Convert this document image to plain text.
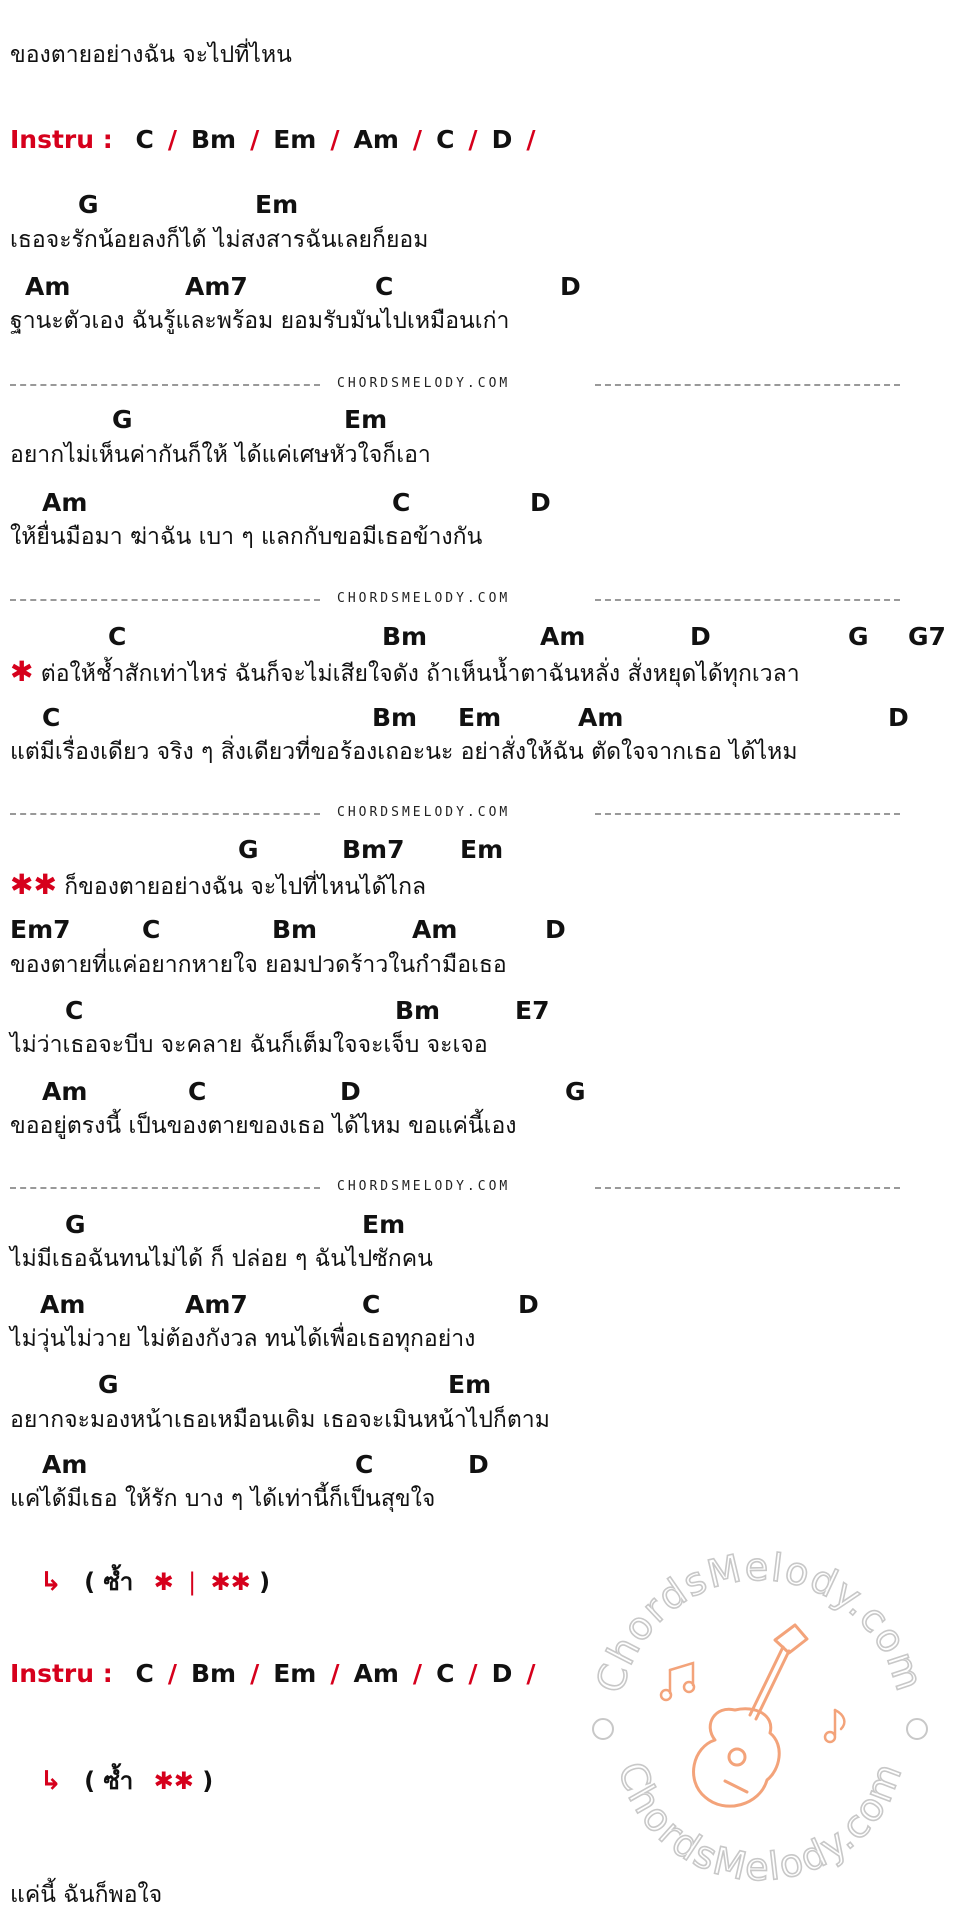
ของตายอย่างฉัน จะไปที่ไหน
Instru : C / Bm / Em / Am / C / D /
G	Em
เธอจะรักน้อยลงก็ได้ ไม่สงสารฉันเลยก็ยอม
Am	Am7	C	D
ฐานะตัวเอง ฉันรู้และพร้อม ยอมรับมันไปเหมือนเก่า
CHORDSMELODY.COM
G	Em
อยากไม่เห็นค่ากันก็ให้ ได้แค่เศษหัวใจก็เอา
Am	C	D
ให้ยื่นมือมา ฆ่าฉัน เบา ๆ แลกกับขอมีเธอข้างกัน
CHORDSMELODY.COM
C	Bm	Am	D	G G7
✱ ต่อให้ช้ำสักเท่าไหร่ ฉันก็จะไม่เสียใจดัง ถ้าเห็นน้ำตาฉันหลั่ง สั่งหยุดได้ทุกเวลา
C	Bm Em	Am	D
แต่มีเรื่องเดียว จริง ๆ สิ่งเดียวที่ขอร้องเถอะนะ อย่าสั่งให้ฉัน ตัดใจจากเธอ ได้ไหม
CHORDSMELODY.COM
G	Bm7 Em
✱✱ ก็ของตายอย่างฉัน จะไปที่ไหนได้ไกล
Em7	C	Bm	Am	D
ของตายที่แค่อยากหายใจ ยอมปวดร้าวในกำมือเธอ
C	Bm	E7
ไม่ว่าเธอจะบีบ จะคลาย ฉันก็เต็มใจจะเจ็บ จะเจอ
Am	C	D	G
ขออยู่ตรงนี้ เป็นของตายของเธอ ได้ไหม ขอแค่นี้เอง
CHORDSMELODY.COM
G	Em
ไม่มีเธอฉันทนไม่ได้ ก็ ปล่อย ๆ ฉันไปซักคน
Am	Am7	C	D
ไม่วุ่นไม่วาย ไม่ต้องกังวล ทนได้เพื่อเธอทุกอย่าง
G	Em
อยากจะมองหน้าเธอเหมือนเดิม เธอจะเมินหน้าไปก็ตาม
Am	C	D
แค่ได้มีเธอ ให้รัก บาง ๆ ได้เท่านี้ก็เป็นสุขใจ
↳ ( ซ้ำ ✱ | ✱✱ )
Instru : C / Bm / Em / Am / C / D /
↳ ( ซ้ำ ✱✱ )
แค่นี้ ฉันก็พอใจ
ChordsMelody.com
ChordsMelody.com
